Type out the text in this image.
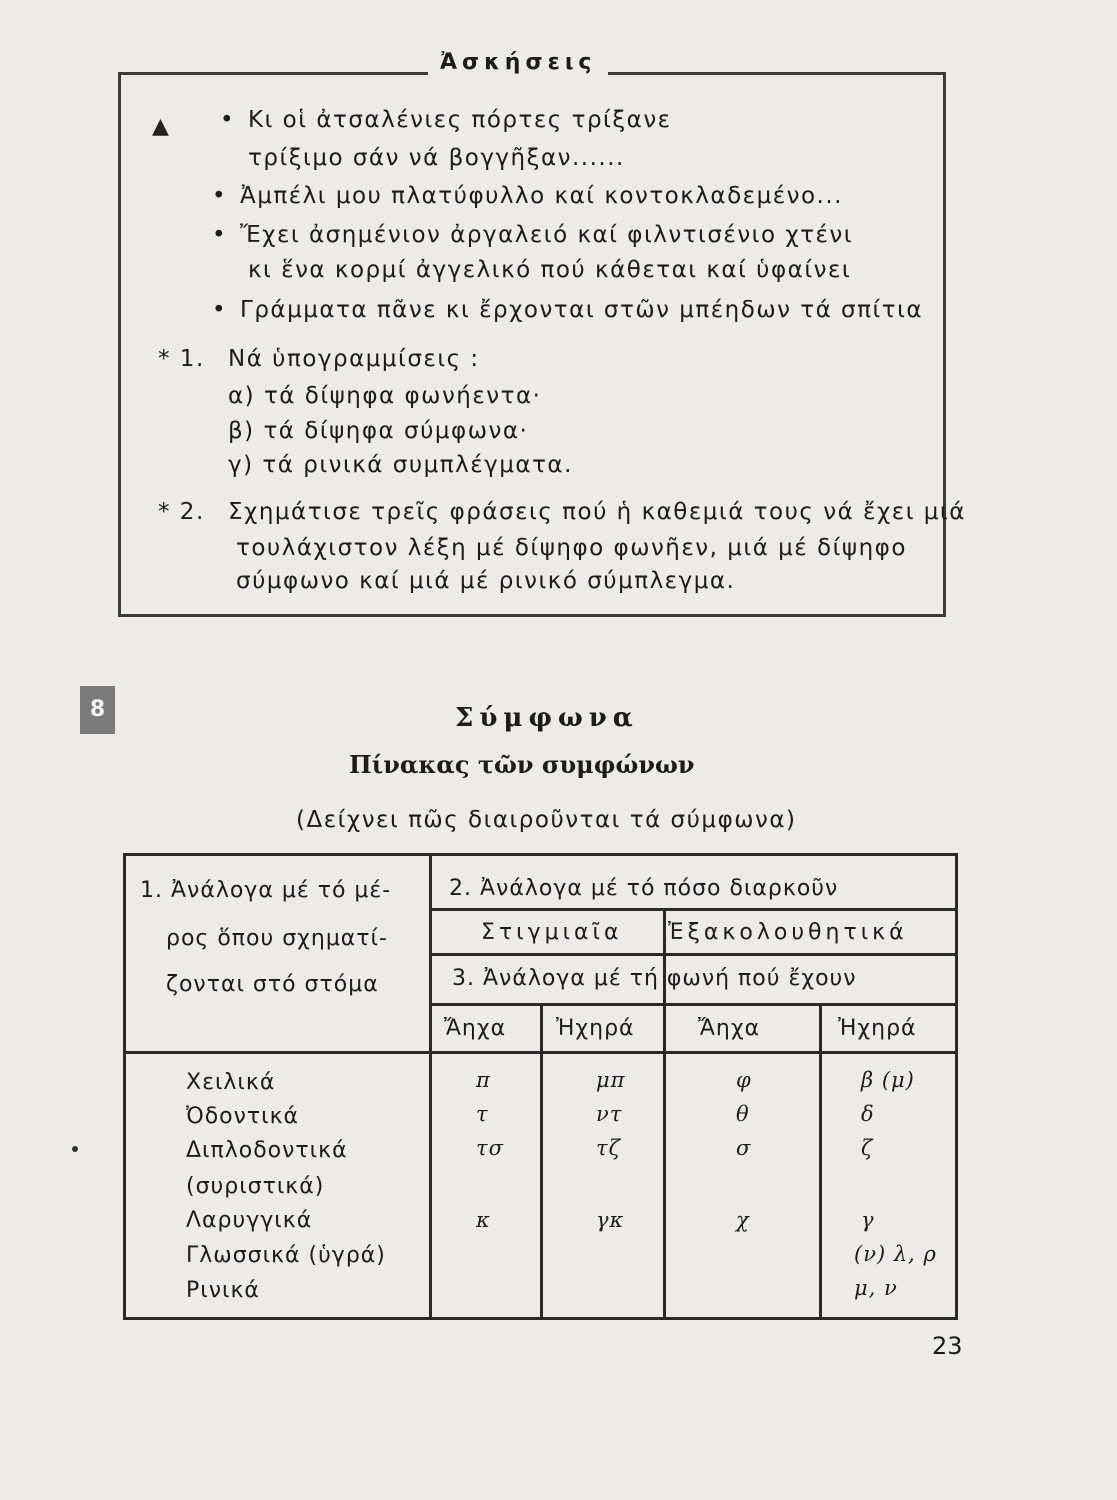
Ἀσκήσεις
▲
•	Κι οἱ ἀτσαλένιες πόρτες τρίξανε
τρίξιμο σάν νά βογγῆξαν......
• Ἀμπέλι μου πλατύφυλλο καί κοντοκλαδεμένο...
• Ἔχει ἀσημένιον ἀργαλειό καί φιλντισένιο χτένι
κι ἕνα κορμί ἀγγελικό πού κάθεται καί ὑφαίνει
• Γράμματα πᾶνε κι ἔρχονται στῶν μπέηδων τά σπίτια
* 1. Νά ὑπογραμμίσεις :
α) τά δίψηφα φωνήεντα·
β) τά δίψηφα σύμφωνα·
γ) τά ρινικά συμπλέγματα.
* 2. Σχημάτισε τρεῖς φράσεις πού ἡ καθεμιά τους νά ἔχει μιά
τουλάχιστον λέξη μέ δίψηφο φωνῆεν, μιά μέ δίψηφο
σύμφωνο καί μιά μέ ρινικό σύμπλεγμα.
8	Σύμφωνα
Πίνακας τῶν συμφώνων
(Δείχνει πῶς διαιροῦνται τά σύμφωνα)
1. Ἀνάλογα μέ τό μέ-
ρος ὅπου σχηματί-
ζονται στό στόμα
2. Ἀνάλογα μέ τό πόσο διαρκοῦν
Στιγμιαῖα Ἐξακολουθητικά
3. Ἀνάλογα μέ τή φωνή πού ἔχουν
Ἄηχα Ἠχηρά	Ἄηχα	Ἠχηρά
Χειλικά
Ὀδοντικά
Διπλοδοντικά
(συριστικά)
Λαρυγγικά
Γλωσσικά (ὑγρά)
Ρινικά
π	μπ	φ	β (μ)
τ	ντ	θ	δ
τσ	τζ	σ	ζ
κ	γκ	χ	γ
(ν) λ, ρ
μ, ν
23
